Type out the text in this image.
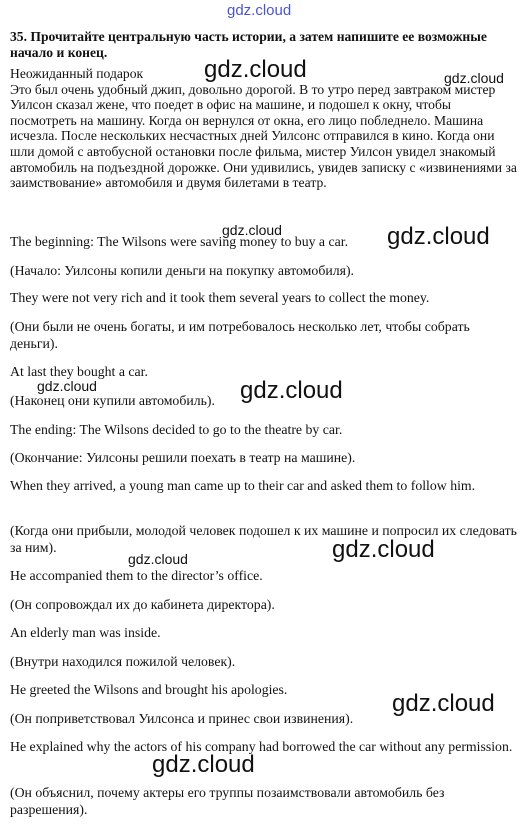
gdz.cloud

35. Прочитайте центральную часть истории, а затем напишите ее возможные начало и конец.

Неожиданный подарок
Это был очень удобный джип, довольно дорогой. В то утро перед завтраком мистер Уилсон сказал жене, что поедет в офис на машине, и подошел к окну, чтобы посмотреть на машину. Когда он вернулся от окна, его лицо побледнело. Машина исчезла. После нескольких несчастных дней Уилсонс отправился в кино. Когда они шли домой с автобусной остановки после фильма, мистер Уилсон увидел знакомый автомобиль на подъездной дорожке. Они удивились, увидев записку с «извинениями за заимствование» автомобиля и двумя билетами в театр.

The beginning: The Wilsons were saving money to buy a car.

(Начало: Уилсоны копили деньги на покупку автомобиля).

They were not very rich and it took them several years to collect the money.

(Они были не очень богаты, и им потребовалось несколько лет, чтобы собрать деньги).

At last they bought a car.

(Наконец они купили автомобиль).

The ending: The Wilsons decided to go to the theatre by car.

(Окончание: Уилсоны решили поехать в театр на машине).

When they arrived, a young man came up to their car and asked them to follow him.

(Когда они прибыли, молодой человек подошел к их машине и попросил их следовать за ним).

He accompanied them to the director’s office.

(Он сопровождал их до кабинета директора).

An elderly man was inside.

(Внутри находился пожилой человек).

He greeted the Wilsons and brought his apologies.

(Он поприветствовал Уилсонса и принес свои извинения).

He explained why the actors of his company had borrowed the car without any permission.

(Он объяснил, почему актеры его труппы позаимствовали автомобиль без разрешения).

gdz.cloud	gdz.cloud
gdz.cloud	gdz.cloud
gdz.cloud	gdz.cloud
gdz.cloud
gdz.cloud
gdz.cloud
gdz.cloud
